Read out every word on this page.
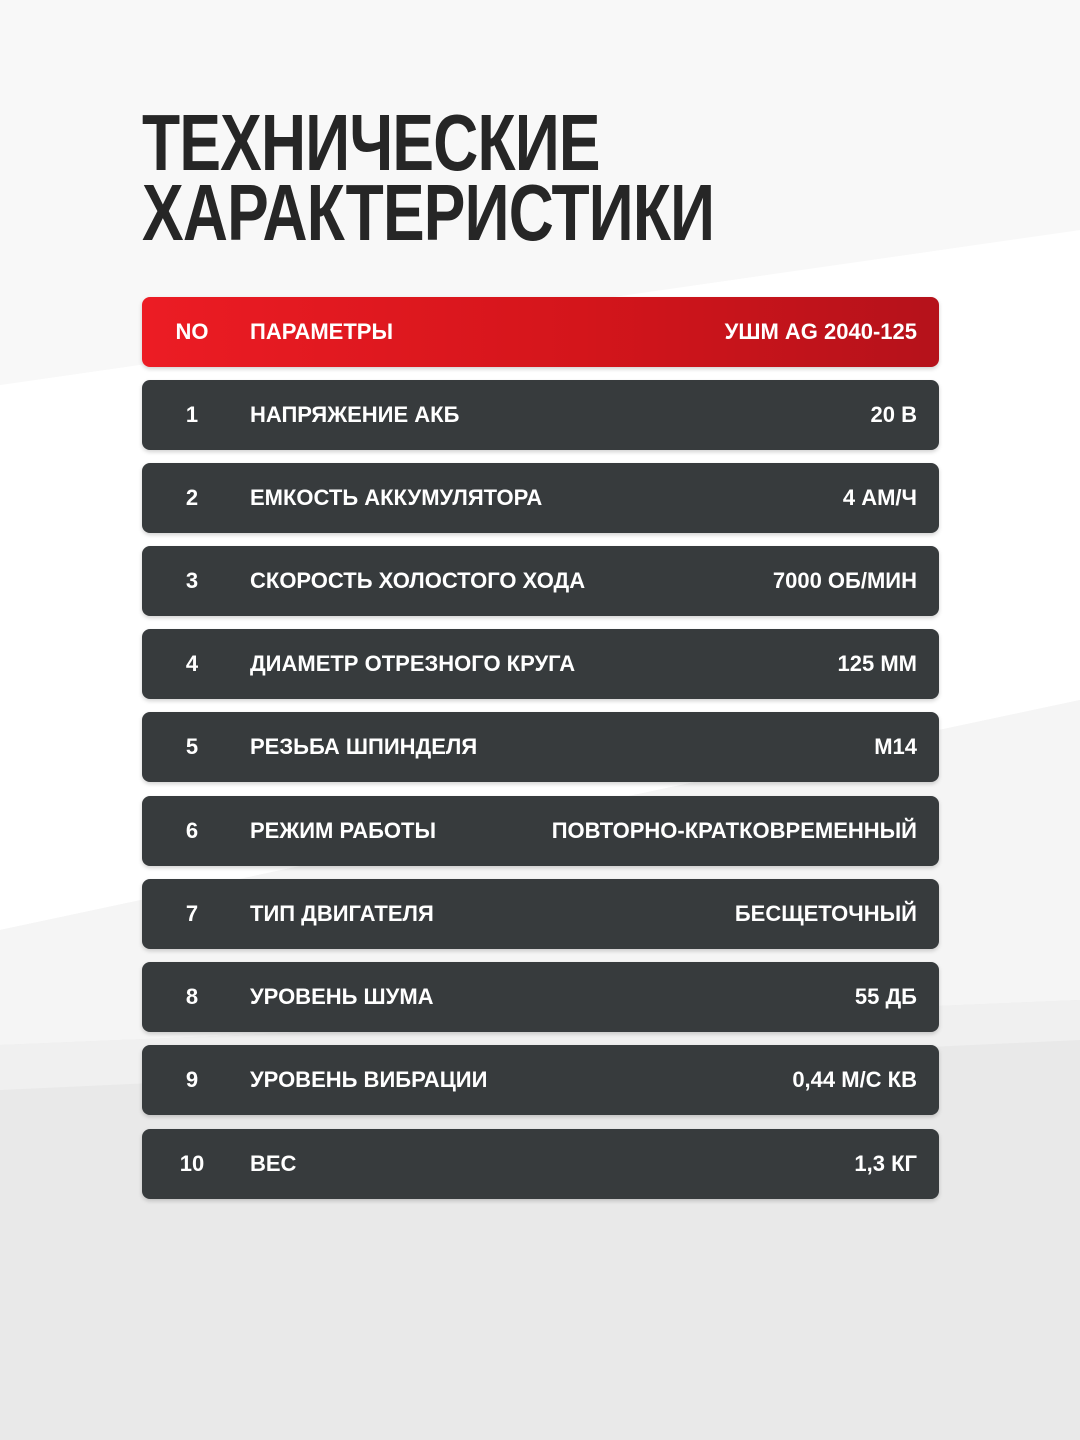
ТЕХНИЧЕСКИЕ
ХАРАКТЕРИСТИКИ
NO	ПАРАМЕТРЫ	УШМ AG 2040-125
1	НАПРЯЖЕНИЕ АКБ	20 В
2	ЕМКОСТЬ АККУМУЛЯТОРА	4 АМ/Ч
3	СКОРОСТЬ ХОЛОСТОГО ХОДА	7000 ОБ/МИН
4	ДИАМЕТР ОТРЕЗНОГО КРУГА	125 ММ
5	РЕЗЬБА ШПИНДЕЛЯ	М14
6	РЕЖИМ РАБОТЫ	ПОВТОРНО-КРАТКОВРЕМЕННЫЙ
7	ТИП ДВИГАТЕЛЯ	БЕСЩЕТОЧНЫЙ
8	УРОВЕНЬ ШУМА	55 ДБ
9	УРОВЕНЬ ВИБРАЦИИ	0,44 М/С КВ
10	ВЕС	1,3 КГ
